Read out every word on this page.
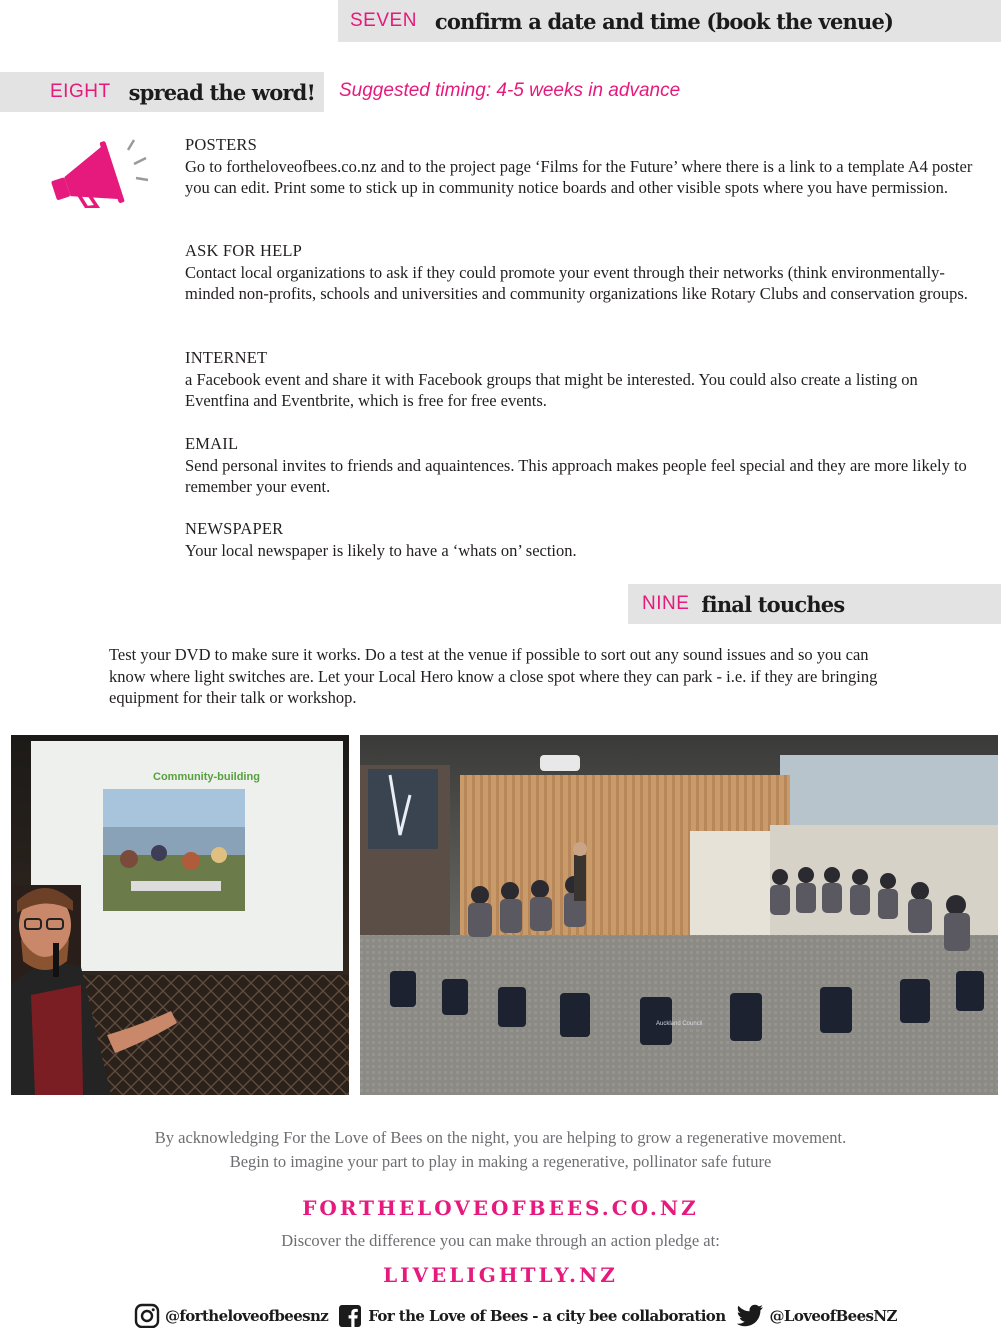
SEVEN confirm a date and time (book the venue)
EIGHT spread the word! Suggested timing: 4-5 weeks in advance
POSTERS
Go to fortheloveofbees.co.nz and to the project page ‘Films for the Future’ where there is a link to a template A4 poster you can edit. Print some to stick up in community notice boards and other visible spots where you have permission.
ASK FOR HELP
Contact local organizations to ask if they could promote your event through their networks (think environmentally-minded non-profits, schools and universities and community organizations like Rotary Clubs and conservation groups.
INTERNET
a Facebook event and share it with Facebook groups that might be interested. You could also create a listing on Eventfina and Eventbrite, which is free for free events.
EMAIL
Send personal invites to friends and aquaintences. This approach makes people feel special and they are more likely to remember your event.
NEWSPAPER
Your local newspaper is likely to have a ‘whats on’ section.
NINE final touches
Test your DVD to make sure it works. Do a test at the venue if possible to sort out any sound issues and so you can know where light switches are. Let your Local Hero know a close spot where they can park - i.e. if they are bringing equipment for their talk or workshop.
Community-building
Auckland Council
By acknowledging For the Love of Bees on the night, you are helping to grow a regenerative movement.
Begin to imagine your part to play in making a regenerative, pollinator safe future
FORTHELOVEOFBEES.CO.NZ
Discover the difference you can make through an action pledge at:
LIVELIGHTLY.NZ
@fortheloveofbeesnz	For the Love of Bees - a city bee collaboration	@LoveofBeesNZ
